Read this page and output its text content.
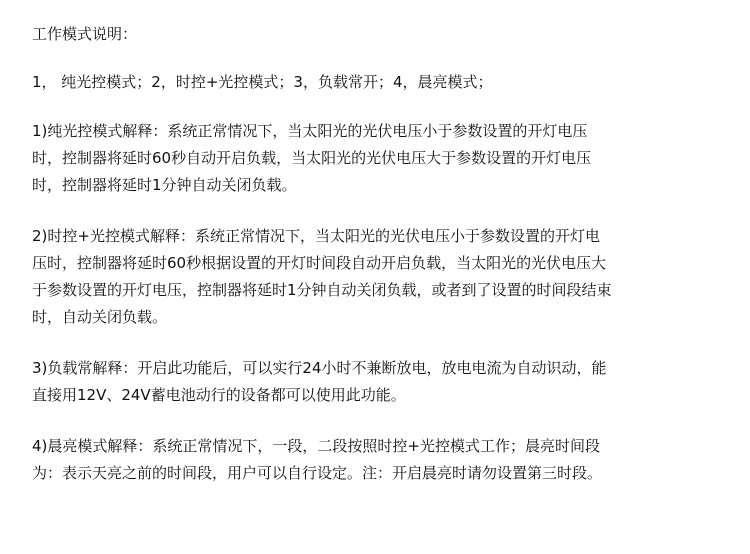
工作模式说明：
1， 纯光控模式；2，时控+光控模式；3，负载常开；4，晨亮模式；
1)纯光控模式解释：系统正常情况下，当太阳光的光伏电压小于参数设置的开灯电压
时，控制器将延时60秒自动开启负载，当太阳光的光伏电压大于参数设置的开灯电压
时，控制器将延时1分钟自动关闭负载。
2)时控+光控模式解释：系统正常情况下，当太阳光的光伏电压小于参数设置的开灯电
压时，控制器将延时60秒根据设置的开灯时间段自动开启负载，当太阳光的光伏电压大
于参数设置的开灯电压，控制器将延时1分钟自动关闭负载，或者到了设置的时间段结束
时，自动关闭负载。
3)负载常解释：开启此功能后，可以实行24小时不兼断放电，放电电流为自动识动，能
直接用12V、24V蓄电池动行的设备都可以使用此功能。
4)晨亮模式解释：系统正常情况下，一段，二段按照时控+光控模式工作；晨亮时间段
为：表示天亮之前的时间段，用户可以自行设定。注：开启晨亮时请勿设置第三时段。
